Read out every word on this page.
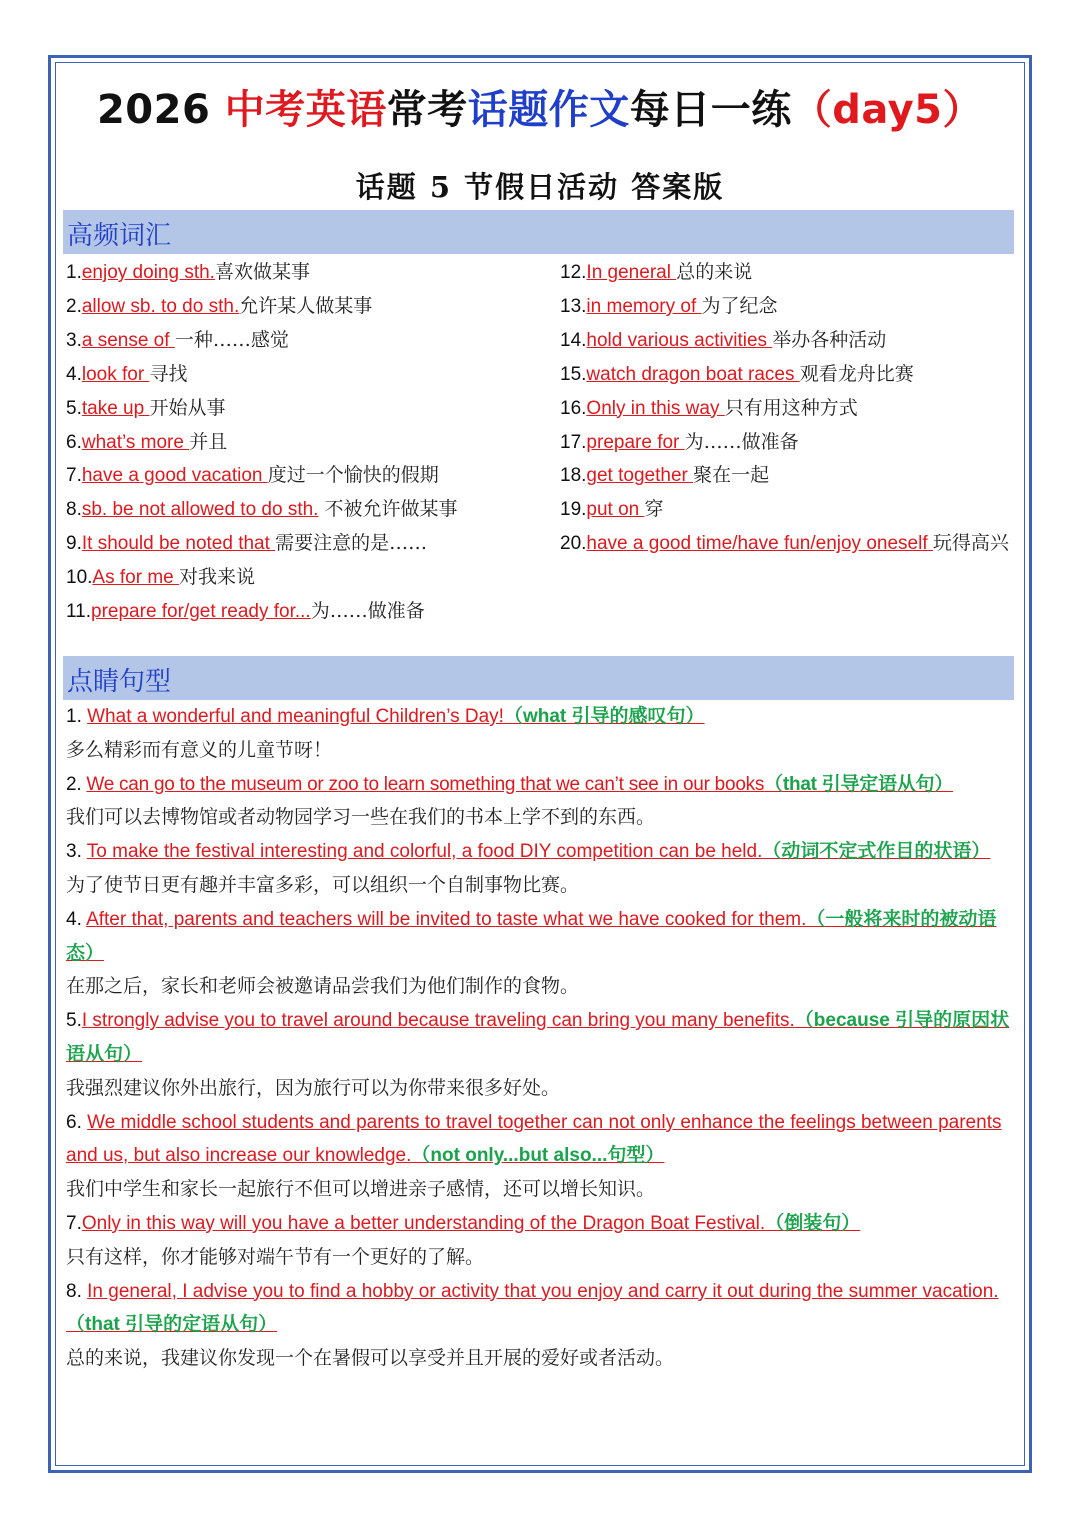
2026 中考英语常考话题作文每日一练（day5）
话题 5 节假日活动 答案版
高频词汇
1.enjoy doing sth.喜欢做某事
2.allow sb. to do sth.允许某人做某事
3.a sense of 一种……感觉
4.look for 寻找
5.take up 开始从事
6.what’s more 并且
7.have a good vacation 度过一个愉快的假期
8.sb. be not allowed to do sth. 不被允许做某事
9.It should be noted that 需要注意的是……
10.As for me 对我来说
11.prepare for/get ready for...为……做准备
12.In general 总的来说
13.in memory of 为了纪念
14.hold various activities 举办各种活动
15.watch dragon boat races 观看龙舟比赛
16.Only in this way 只有用这种方式
17.prepare for 为……做准备
18.get together 聚在一起
19.put on 穿
20.have a good time/have fun/enjoy oneself 玩得高兴
点睛句型
1. What a wonderful and meaningful Children’s Day!（what 引导的感叹句）
多么精彩而有意义的儿童节呀！
2. We can go to the museum or zoo to learn something that we can’t see in our books（that 引导定语从句）
我们可以去博物馆或者动物园学习一些在我们的书本上学不到的东西。
3. To make the festival interesting and colorful, a food DIY competition can be held.（动词不定式作目的状语）
为了使节日更有趣并丰富多彩，可以组织一个自制事物比赛。
4. After that, parents and teachers will be invited to taste what we have cooked for them.（一般将来时的被动语态）
在那之后，家长和老师会被邀请品尝我们为他们制作的食物。
5.I strongly advise you to travel around because traveling can bring you many benefits.（because 引导的原因状语从句）
我强烈建议你外出旅行，因为旅行可以为你带来很多好处。
6. We middle school students and parents to travel together can not only enhance the feelings between parents and us, but also increase our knowledge.（not only...but also...句型）
我们中学生和家长一起旅行不但可以增进亲子感情，还可以增长知识。
7.Only in this way will you have a better understanding of the Dragon Boat Festival.（倒装句）
只有这样，你才能够对端午节有一个更好的了解。
8. In general, I advise you to find a hobby or activity that you enjoy and carry it out during the summer vacation.
（that 引导的定语从句）
总的来说，我建议你发现一个在暑假可以享受并且开展的爱好或者活动。
